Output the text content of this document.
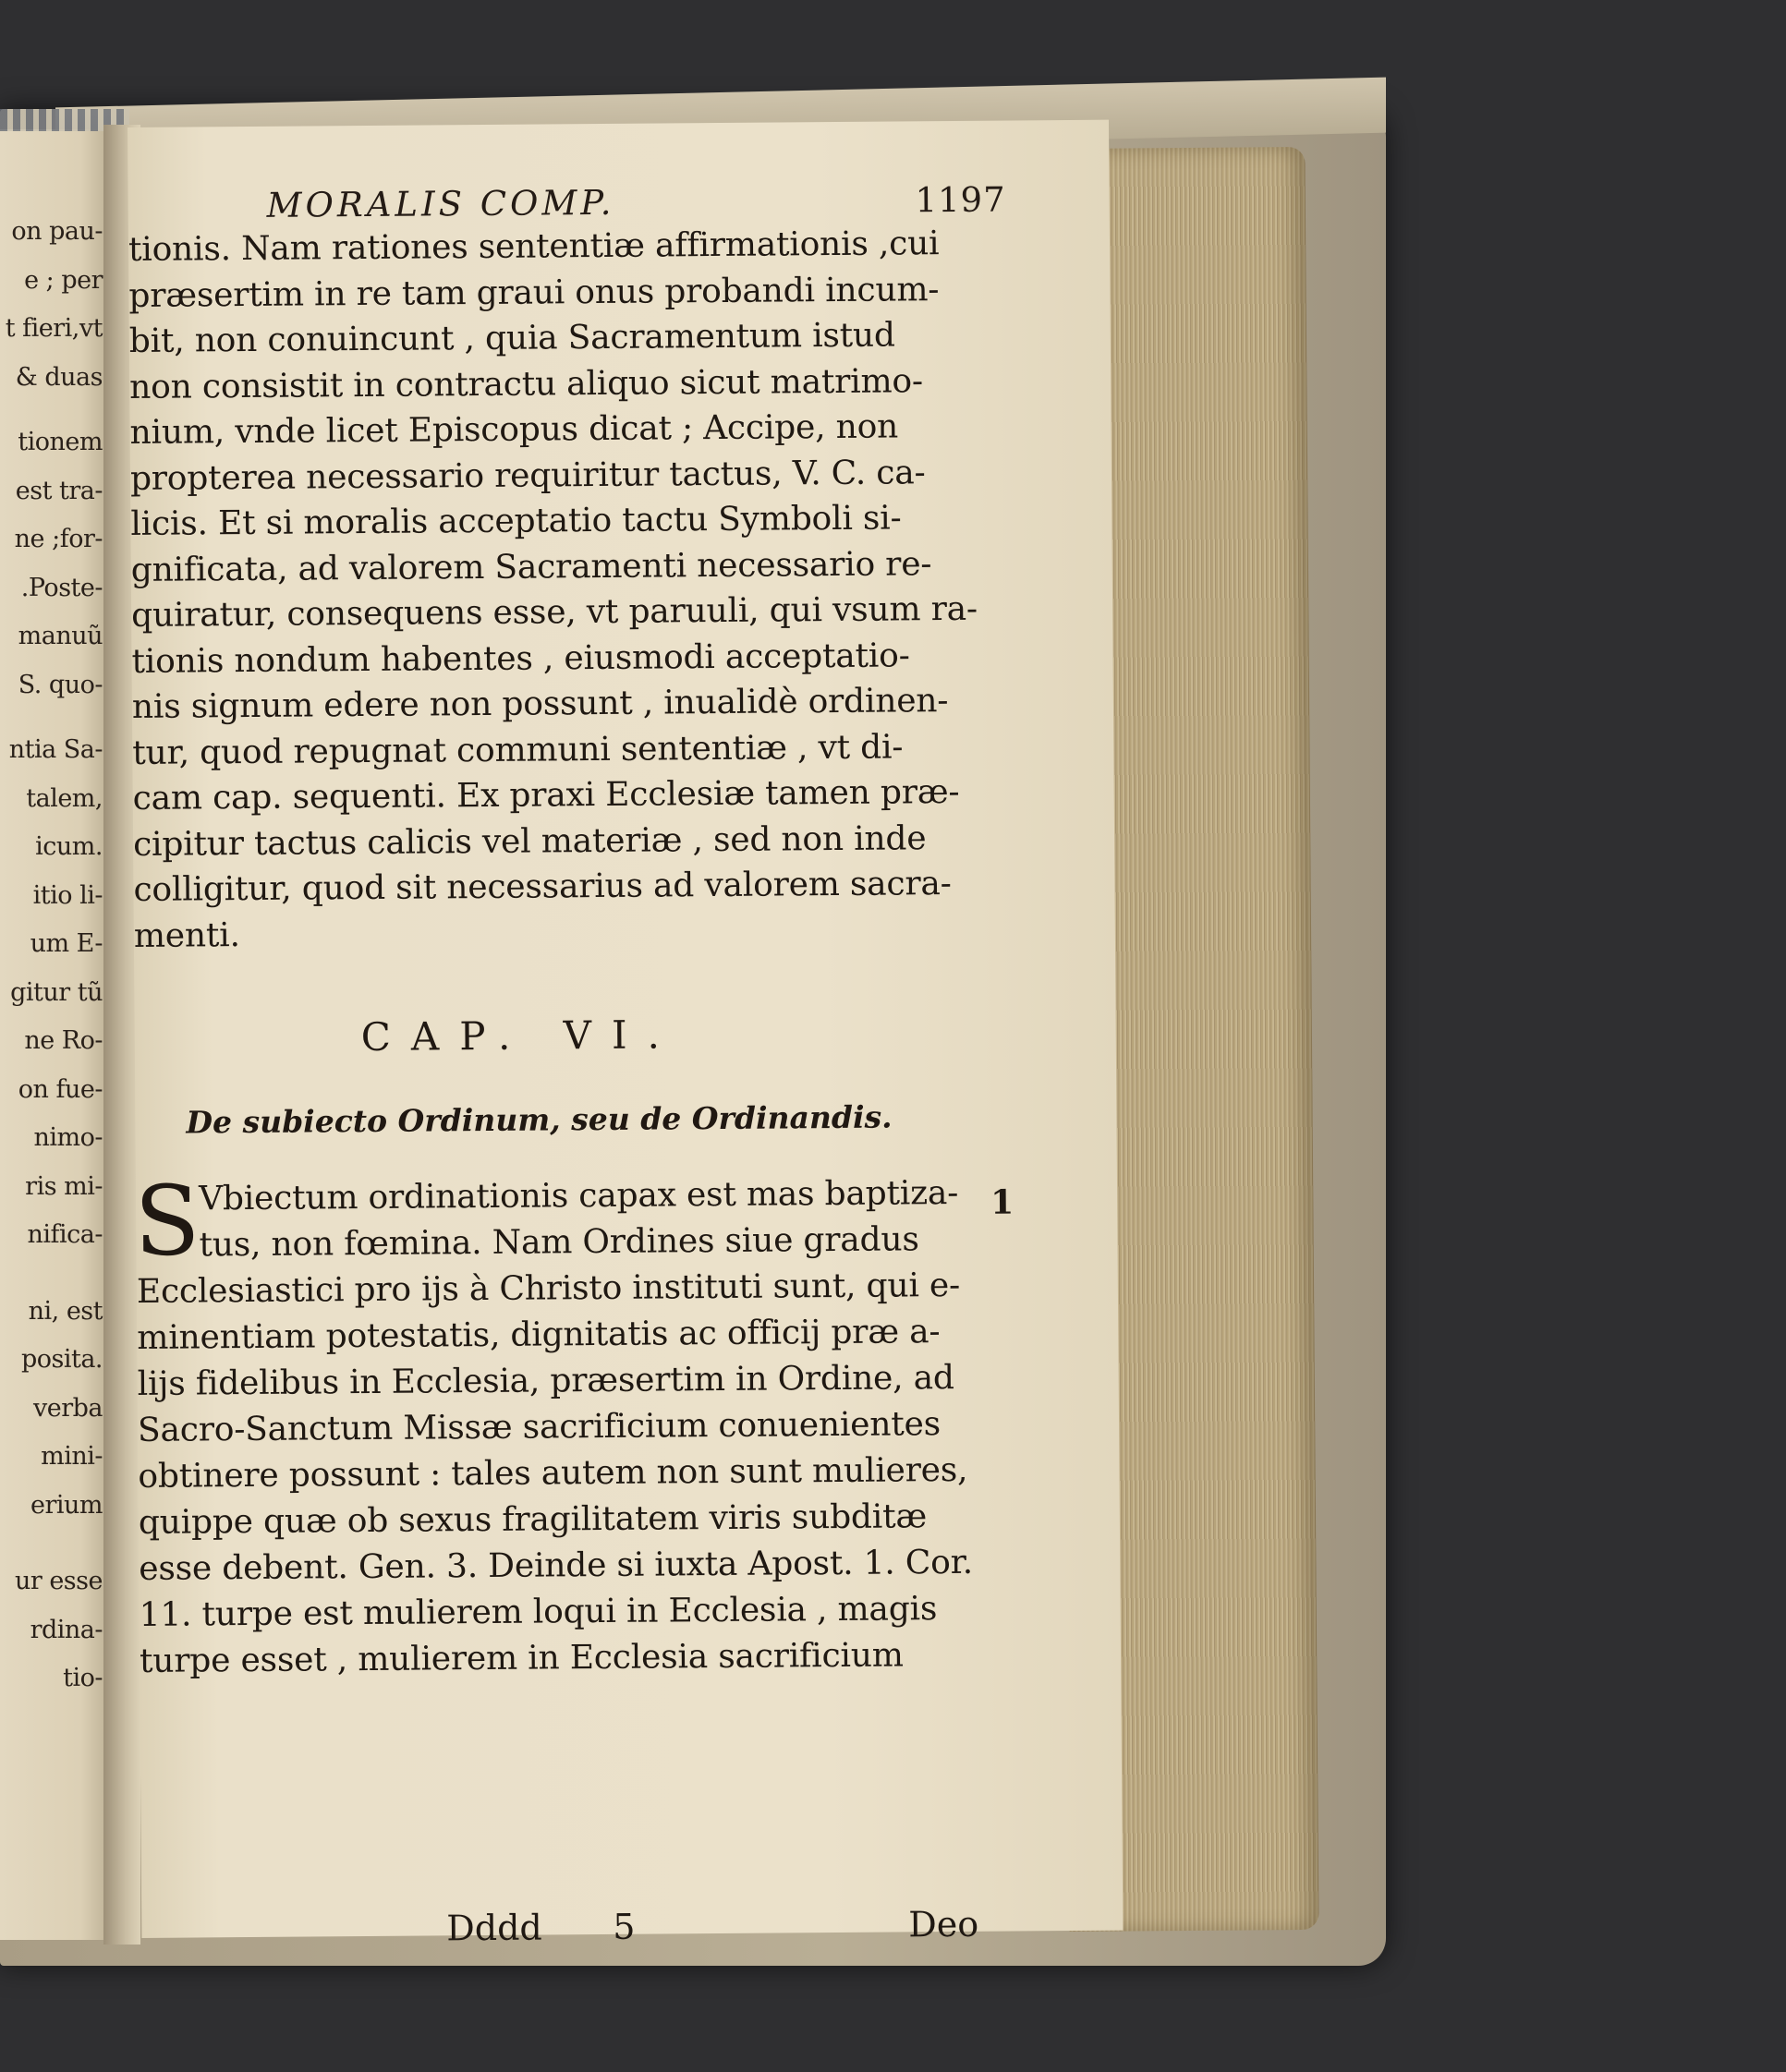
on pau-
e ; per
t fieri,vt
& duas
tionem
est tra-
ne ;for-
.Poste-
manuũ
S. quo-
ntia Sa-
talem,
icum.
itio li-
um E-
gitur tũ
ne Ro-
on fue-
nimo-
ris mi-
nifica-
ni, est
posita.
verba
mini-
erium
ur esse
rdina-
tio-
MORALIS COMP.	1197
tionis. Nam rationes sententiæ affirmationis ,cui
præsertim in re tam graui onus probandi incum-
bit, non conuincunt , quia Sacramentum istud
non consistit in contractu aliquo sicut matrimo-
nium, vnde licet Episcopus dicat ; Accipe, non
propterea necessario requiritur tactus, V. C. ca-
licis. Et si moralis acceptatio tactu Symboli si-
gnificata, ad valorem Sacramenti necessario re-
quiratur, consequens esse, vt paruuli, qui vsum ra-
tionis nondum habentes , eiusmodi acceptatio-
nis signum edere non possunt , inualidè ordinen-
tur, quod repugnat communi sententiæ , vt di-
cam cap. sequenti. Ex praxi Ecclesiæ tamen præ-
cipitur tactus calicis vel materiæ , sed non inde
colligitur, quod sit necessarius ad valorem sacra-
menti.
CAP. VI.
De subiecto Ordinum, seu de Ordinandis.
S	1
Vbiectum ordinationis capax est mas baptiza-
tus, non fœmina. Nam Ordines siue gradus
Ecclesiastici pro ijs à Christo instituti sunt, qui e-
minentiam potestatis, dignitatis ac officij præ a-
lijs fidelibus in Ecclesia, præsertim in Ordine, ad
Sacro-Sanctum Missæ sacrificium conuenientes
obtinere possunt : tales autem non sunt mulieres,
quippe quæ ob sexus fragilitatem viris subditæ
esse debent. Gen. 3. Deinde si iuxta Apost. 1. Cor.
11. turpe est mulierem loqui in Ecclesia , magis
turpe esset , mulierem in Ecclesia sacrificium
Dddd 5	Deo
